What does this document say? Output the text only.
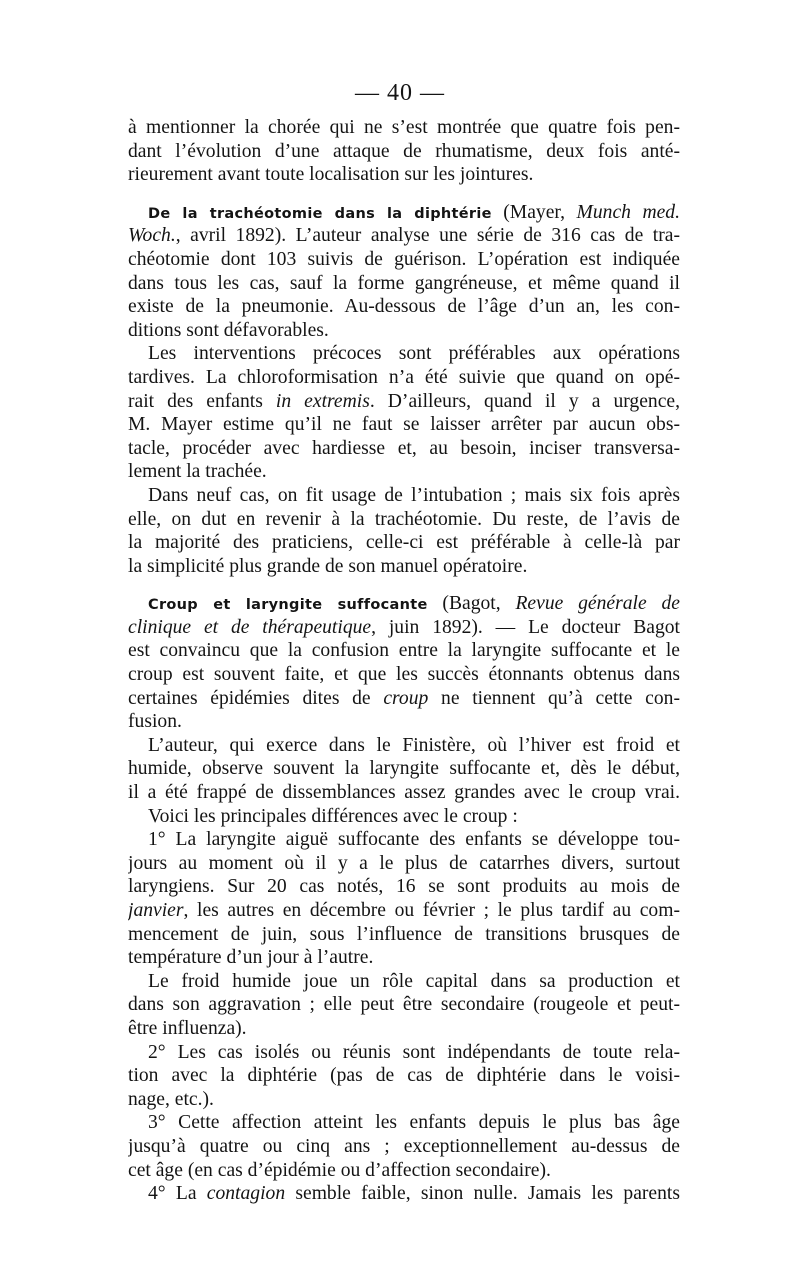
— 40 —
à mentionner la chorée qui ne s’est montrée que quatre fois pen-
dant l’évolution d’une attaque de rhumatisme, deux fois anté-
rieurement avant toute localisation sur les jointures.
De la trachéotomie dans la diphtérie (Mayer, Munch med.
Woch., avril 1892). L’auteur analyse une série de 316 cas de tra-
chéotomie dont 103 suivis de guérison. L’opération est indiquée
dans tous les cas, sauf la forme gangréneuse, et même quand il
existe de la pneumonie. Au-dessous de l’âge d’un an, les con-
ditions sont défavorables.
Les interventions précoces sont préférables aux opérations
tardives. La chloroformisation n’a été suivie que quand on opé-
rait des enfants in extremis. D’ailleurs, quand il y a urgence,
M. Mayer estime qu’il ne faut se laisser arrêter par aucun obs-
tacle, procéder avec hardiesse et, au besoin, inciser transversa-
lement la trachée.
Dans neuf cas, on fit usage de l’intubation ; mais six fois après
elle, on dut en revenir à la trachéotomie. Du reste, de l’avis de
la majorité des praticiens, celle-ci est préférable à celle-là par
la simplicité plus grande de son manuel opératoire.
Croup et laryngite suffocante (Bagot, Revue générale de
clinique et de thérapeutique, juin 1892). — Le docteur Bagot
est convaincu que la confusion entre la laryngite suffocante et le
croup est souvent faite, et que les succès étonnants obtenus dans
certaines épidémies dites de croup ne tiennent qu’à cette con-
fusion.
L’auteur, qui exerce dans le Finistère, où l’hiver est froid et
humide, observe souvent la laryngite suffocante et, dès le début,
il a été frappé de dissemblances assez grandes avec le croup vrai.
Voici les principales différences avec le croup :
1° La laryngite aiguë suffocante des enfants se développe tou-
jours au moment où il y a le plus de catarrhes divers, surtout
laryngiens. Sur 20 cas notés, 16 se sont produits au mois de
janvier, les autres en décembre ou février ; le plus tardif au com-
mencement de juin, sous l’influence de transitions brusques de
température d’un jour à l’autre.
Le froid humide joue un rôle capital dans sa production et
dans son aggravation ; elle peut être secondaire (rougeole et peut-
être influenza).
2° Les cas isolés ou réunis sont indépendants de toute rela-
tion avec la diphtérie (pas de cas de diphtérie dans le voisi-
nage, etc.).
3° Cette affection atteint les enfants depuis le plus bas âge
jusqu’à quatre ou cinq ans ; exceptionnellement au-dessus de
cet âge (en cas d’épidémie ou d’affection secondaire).
4° La contagion semble faible, sinon nulle. Jamais les parents
